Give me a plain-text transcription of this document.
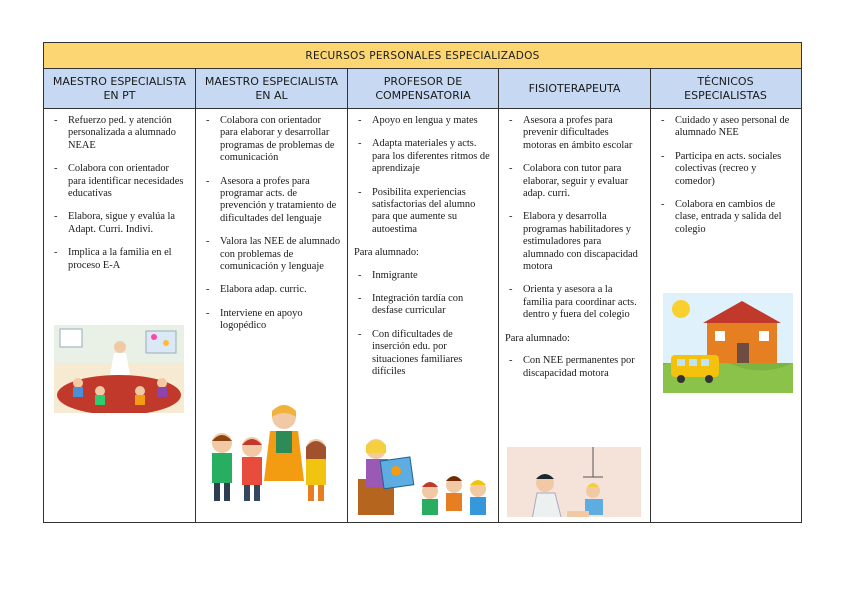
RECURSOS PERSONALES ESPECIALIZADOS
MAESTRO ESPECIALISTA EN PT
MAESTRO ESPECIALISTA EN AL
PROFESOR DE COMPENSATORIA
FISIOTERAPEUTA
TÉCNICOS ESPECIALISTAS
- Refuerzo ped. y atención personalizada a alumnado NEAE
- Colabora con orientador para identificar necesidades educativas
- Elabora, sigue y evalúa la Adapt. Curri. Indivi.
- Implica a la familia en el proceso E-A
- Colabora con orientador para elaborar y desarrollar programas de problemas de comunicación
- Asesora a profes para programar acts. de prevención y tratamiento de dificultades del lenguaje
- Valora las NEE de alumnado con problemas de comunicación y lenguaje
- Elabora adap. curric.
- Interviene en apoyo logopédico
- Apoyo en lengua y mates
- Adapta materiales y acts. para los diferentes ritmos de aprendizaje
- Posibilita experiencias satisfactorias del alumno para que aumente su autoestima
Para alumnado:
- Inmigrante
- Integración tardía con desfase curricular
- Con dificultades de inserción edu. por situaciones familiares difíciles
- Asesora a profes para prevenir dificultades motoras en ámbito escolar
- Colabora con tutor para elaborar, seguir y evaluar adap. curri.
- Elabora y desarrolla programas habilitadores y estimuladores para alumnado con discapacidad motora
- Orienta y asesora a la familia para coordinar acts. dentro y fuera del colegio
Para alumnado:
- Con NEE permanentes por discapacidad motora
- Cuidado y aseo personal de alumnado NEE
- Participa en acts. sociales colectivas (recreo y comedor)
- Colabora en cambios de clase, entrada y salida del colegio
